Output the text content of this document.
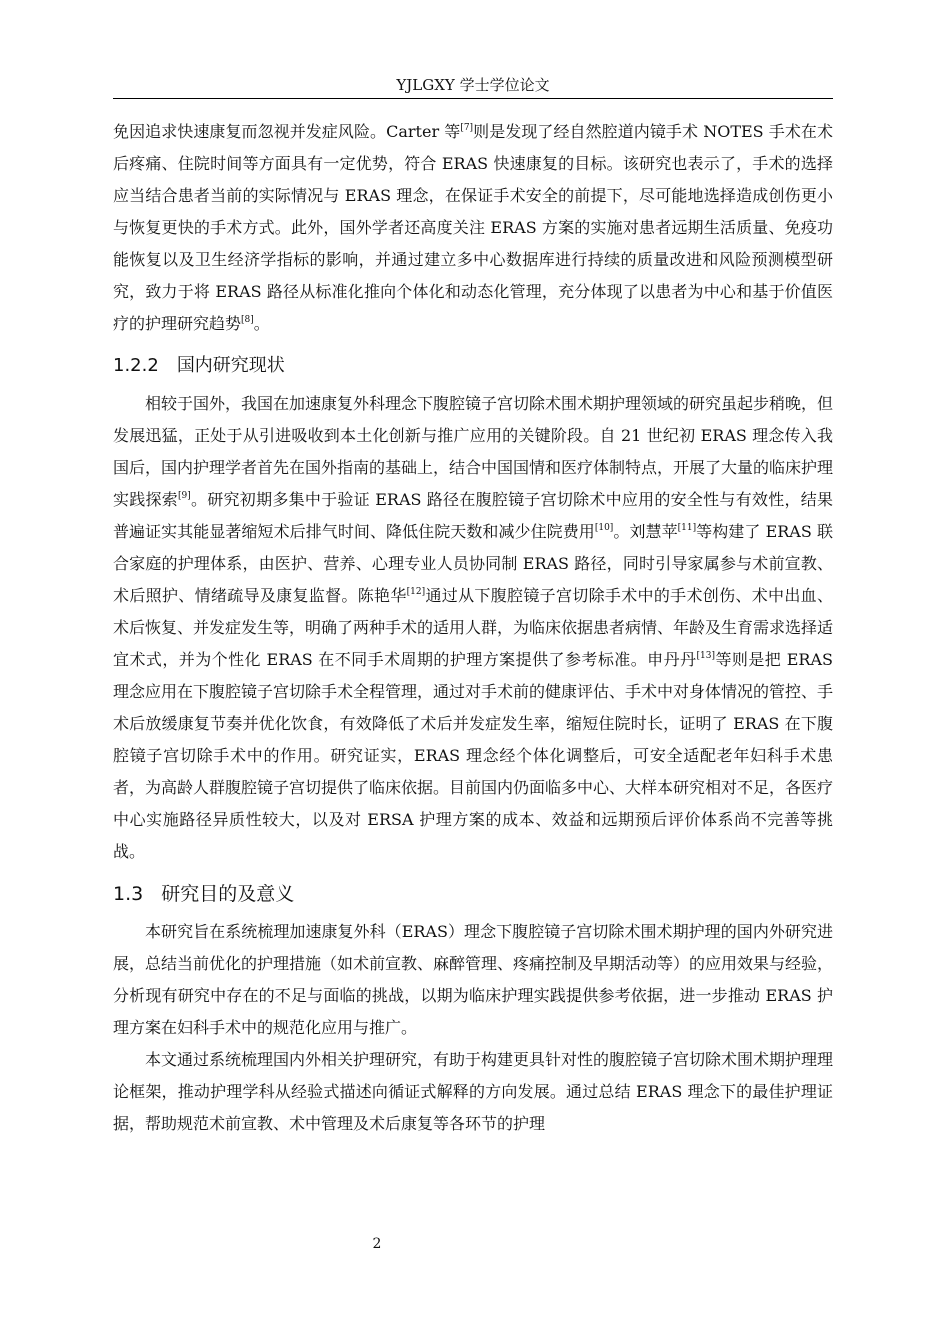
YJLGXY 学士学位论文

免因追求快速康复而忽视并发症风险。Carter 等[7]则是发现了经自然腔道内镜手术 NOTES 手术在术后疼痛、住院时间等方面具有一定优势，符合 ERAS 快速康复的目标。该研究也表示了，手术的选择应当结合患者当前的实际情况与 ERAS 理念，在保证手术安全的前提下，尽可能地选择造成创伤更小与恢复更快的手术方式。此外，国外学者还高度关注 ERAS 方案的实施对患者远期生活质量、免疫功能恢复以及卫生经济学指标的影响，并通过建立多中心数据库进行持续的质量改进和风险预测模型研究，致力于将 ERAS 路径从标准化推向个体化和动态化管理，充分体现了以患者为中心和基于价值医疗的护理研究趋势[8]。

1.2.2 国内研究现状

相较于国外，我国在加速康复外科理念下腹腔镜子宫切除术围术期护理领域的研究虽起步稍晚，但发展迅猛，正处于从引进吸收到本土化创新与推广应用的关键阶段。自 21 世纪初 ERAS 理念传入我国后，国内护理学者首先在国外指南的基础上，结合中国国情和医疗体制特点，开展了大量的临床护理实践探索[9]。研究初期多集中于验证 ERAS 路径在腹腔镜子宫切除术中应用的安全性与有效性，结果普遍证实其能显著缩短术后排气时间、降低住院天数和减少住院费用[10]。刘慧苹[11]等构建了 ERAS 联合家庭的护理体系，由医护、营养、心理专业人员协同制 ERAS 路径，同时引导家属参与术前宣教、术后照护、情绪疏导及康复监督。陈艳华[12]通过从下腹腔镜子宫切除手术中的手术创伤、术中出血、术后恢复、并发症发生等，明确了两种手术的适用人群，为临床依据患者病情、年龄及生育需求选择适宜术式，并为个性化 ERAS 在不同手术周期的护理方案提供了参考标准。申丹丹[13]等则是把 ERAS 理念应用在下腹腔镜子宫切除手术全程管理，通过对手术前的健康评估、手术中对身体情况的管控、手术后放缓康复节奏并优化饮食，有效降低了术后并发症发生率，缩短住院时长，证明了 ERAS 在下腹腔镜子宫切除手术中的作用。研究证实，ERAS 理念经个体化调整后，可安全适配老年妇科手术患者，为高龄人群腹腔镜子宫切提供了临床依据。目前国内仍面临多中心、大样本研究相对不足，各医疗中心实施路径异质性较大，以及对 ERSA 护理方案的成本、效益和远期预后评价体系尚不完善等挑战。

1.3 研究目的及意义

本研究旨在系统梳理加速康复外科（ERAS）理念下腹腔镜子宫切除术围术期护理的国内外研究进展，总结当前优化的护理措施（如术前宣教、麻醉管理、疼痛控制及早期活动等）的应用效果与经验，分析现有研究中存在的不足与面临的挑战，以期为临床护理实践提供参考依据，进一步推动 ERAS 护理方案在妇科手术中的规范化应用与推广。

本文通过系统梳理国内外相关护理研究，有助于构建更具针对性的腹腔镜子宫切除术围术期护理理论框架，推动护理学科从经验式描述向循证式解释的方向发展。通过总结 ERAS 理念下的最佳护理证据，帮助规范术前宣教、术中管理及术后康复等各环节的护理

2
